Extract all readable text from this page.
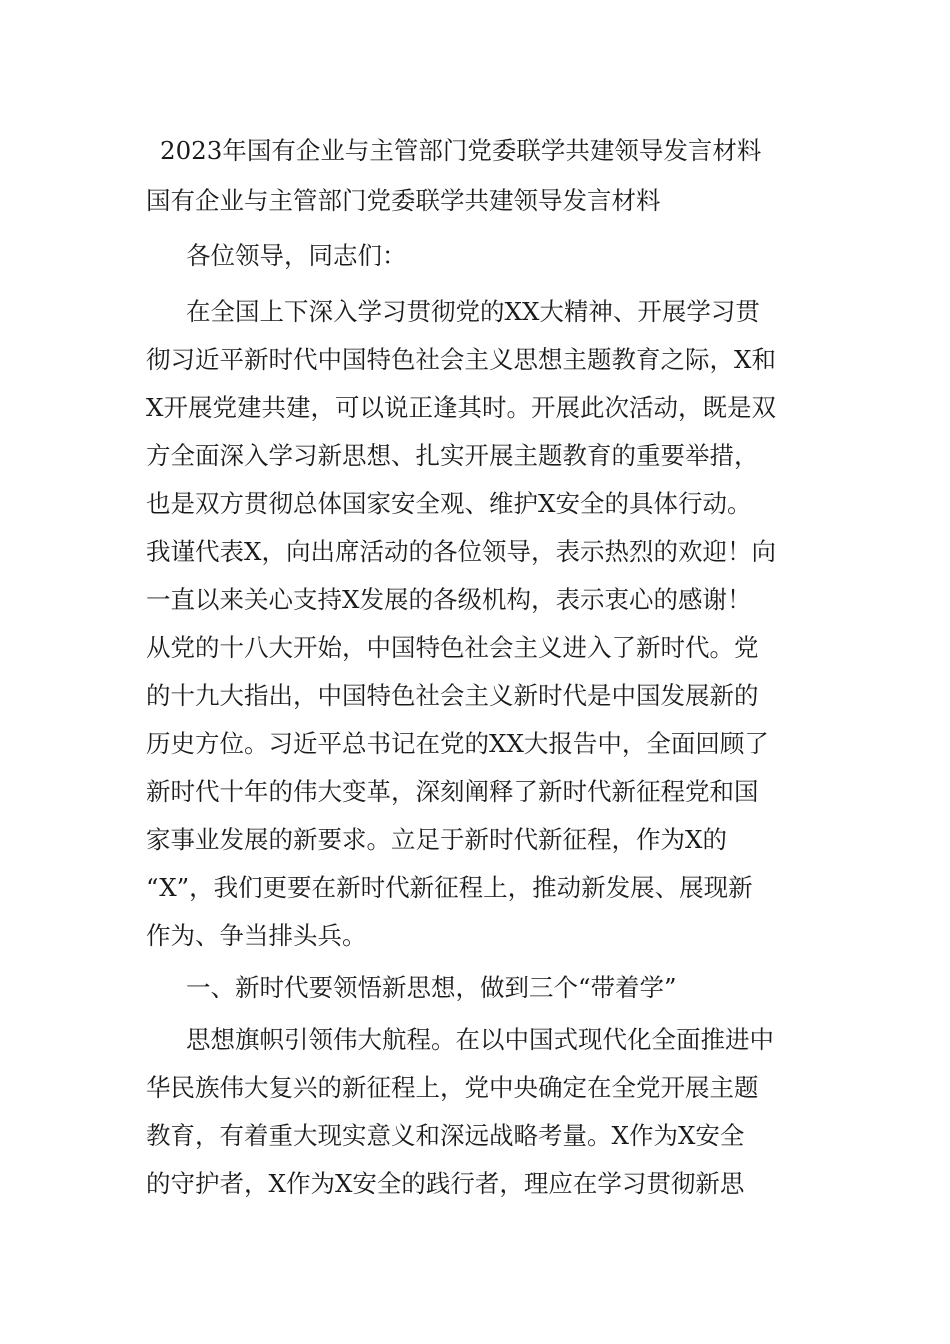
2023年国有企业与主管部门党委联学共建领导发言材料
国有企业与主管部门党委联学共建领导发言材料
各位领导，同志们：
在全国上下深入学习贯彻党的XX大精神、开展学习贯
彻习近平新时代中国特色社会主义思想主题教育之际，X和
X开展党建共建，可以说正逢其时。开展此次活动，既是双
方全面深入学习新思想、扎实开展主题教育的重要举措，
也是双方贯彻总体国家安全观、维护X安全的具体行动。
我谨代表X，向出席活动的各位领导，表示热烈的欢迎！向
一直以来关心支持X发展的各级机构，表示衷心的感谢！
从党的十八大开始，中国特色社会主义进入了新时代。党
的十九大指出，中国特色社会主义新时代是中国发展新的
历史方位。习近平总书记在党的XX大报告中，全面回顾了
新时代十年的伟大变革，深刻阐释了新时代新征程党和国
家事业发展的新要求。立足于新时代新征程，作为X的
“X”，我们更要在新时代新征程上，推动新发展、展现新
作为、争当排头兵。
一、新时代要领悟新思想，做到三个“带着学”
思想旗帜引领伟大航程。在以中国式现代化全面推进中
华民族伟大复兴的新征程上，党中央确定在全党开展主题
教育，有着重大现实意义和深远战略考量。X作为X安全
的守护者，X作为X安全的践行者，理应在学习贯彻新思
